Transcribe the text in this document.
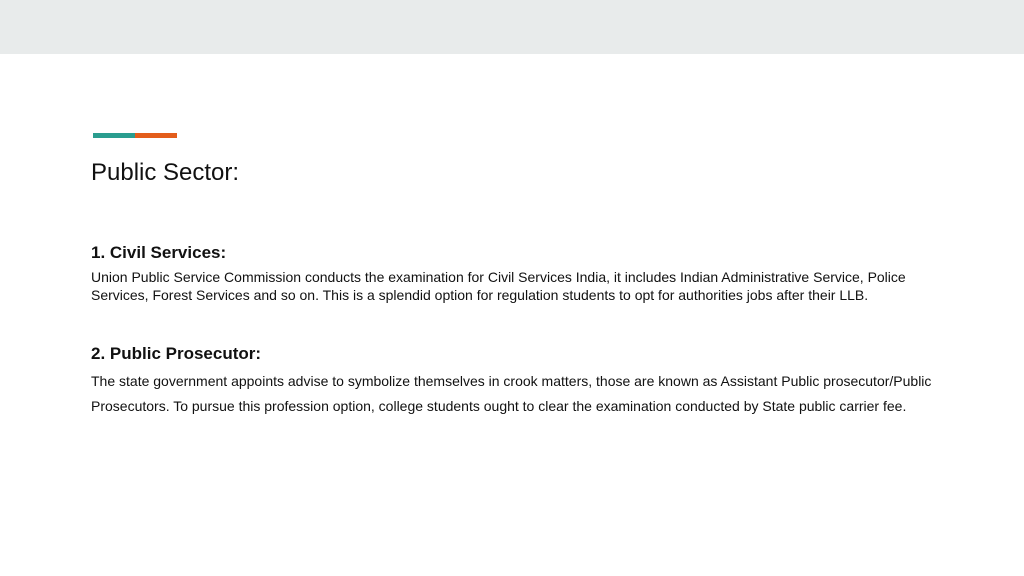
Public Sector:
1. Civil Services:

Union Public Service Commission conducts the examination for Civil Services India, it includes Indian Administrative Service, Police Services, Forest Services and so on. This is a splendid option for regulation students to opt for authorities jobs after their LLB.

2. Public Prosecutor:

The state government appoints advise to symbolize themselves in crook matters, those are known as Assistant Public prosecutor/Public Prosecutors. To pursue this profession option, college students ought to clear the examination conducted by State public carrier fee.
